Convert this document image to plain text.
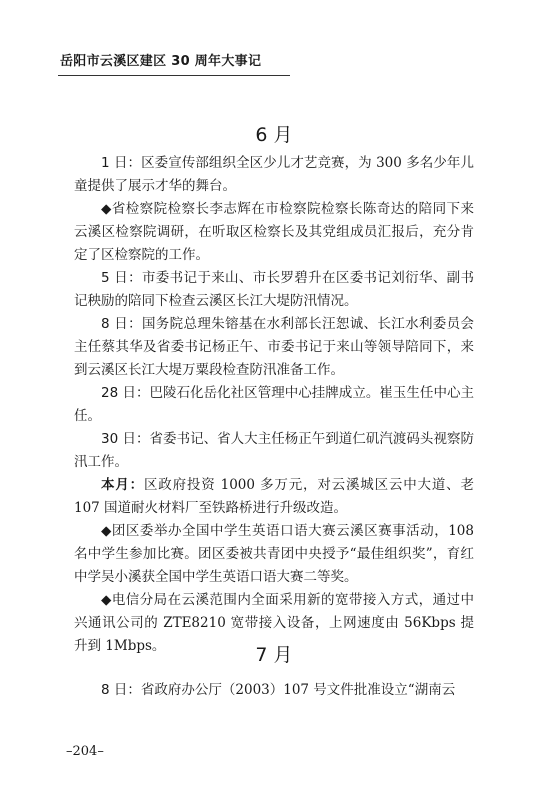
岳阳市云溪区建区 30 周年大事记
6 月

1 日：区委宣传部组织全区少儿才艺竞赛，为 300 多名少年儿童提供了展示才华的舞台。

◆省检察院检察长李志辉在市检察院检察长陈奇达的陪同下来云溪区检察院调研，在听取区检察长及其党组成员汇报后，充分肯定了区检察院的工作。

5 日：市委书记于来山、市长罗碧升在区委书记刘衍华、副书记秧励的陪同下检查云溪区长江大堤防汛情况。

8 日：国务院总理朱镕基在水利部长汪恕诚、长江水利委员会主任蔡其华及省委书记杨正午、市委书记于来山等领导陪同下，来到云溪区长江大堤万粟段检查防汛准备工作。

28 日：巴陵石化岳化社区管理中心挂牌成立。崔玉生任中心主任。

30 日：省委书记、省人大主任杨正午到道仁矶汽渡码头视察防汛工作。

本月：区政府投资 1000 多万元，对云溪城区云中大道、老 107 国道耐火材料厂至铁路桥进行升级改造。

◆团区委举办全国中学生英语口语大赛云溪区赛事活动，108 名中学生参加比赛。团区委被共青团中央授予“最佳组织奖”，育红中学吴小溪获全国中学生英语口语大赛二等奖。

◆电信分局在云溪范围内全面采用新的宽带接入方式，通过中兴通讯公司的 ZTE8210 宽带接入设备，上网速度由 56Kbps 提升到 1Mbps。	7 月

8 日：省政府办公厅（2003）107 号文件批准设立“湖南云

–204–
